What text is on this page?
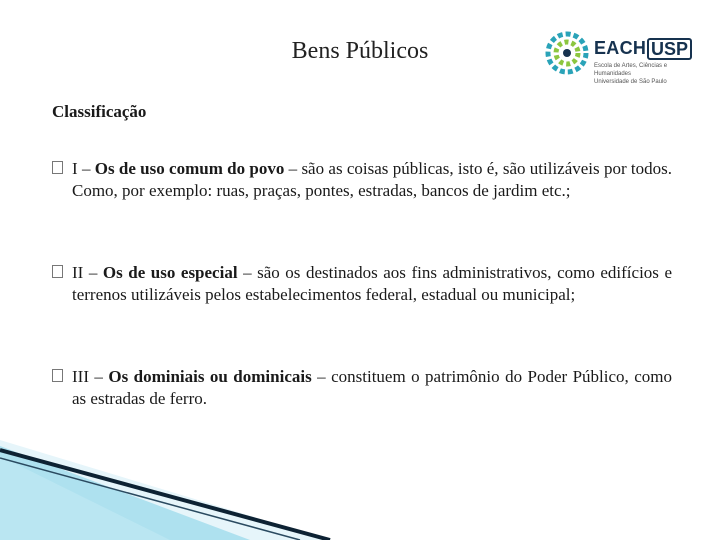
Bens Públicos	EACH USP
Escola de Artes, Ciências e Humanidades
Universidade de São Paulo
Classificação
I – Os de uso comum do povo – são as coisas públicas, isto é, são utilizáveis por todos. Como, por exemplo: ruas, praças, pontes, estradas, bancos de jardim etc.;
II – Os de uso especial – são os destinados aos fins administrativos, como edifícios e terrenos utilizáveis pelos estabelecimentos federal, estadual ou municipal;
III – Os dominiais ou dominicais – constituem o patrimônio do Poder Público, como as estradas de ferro.
